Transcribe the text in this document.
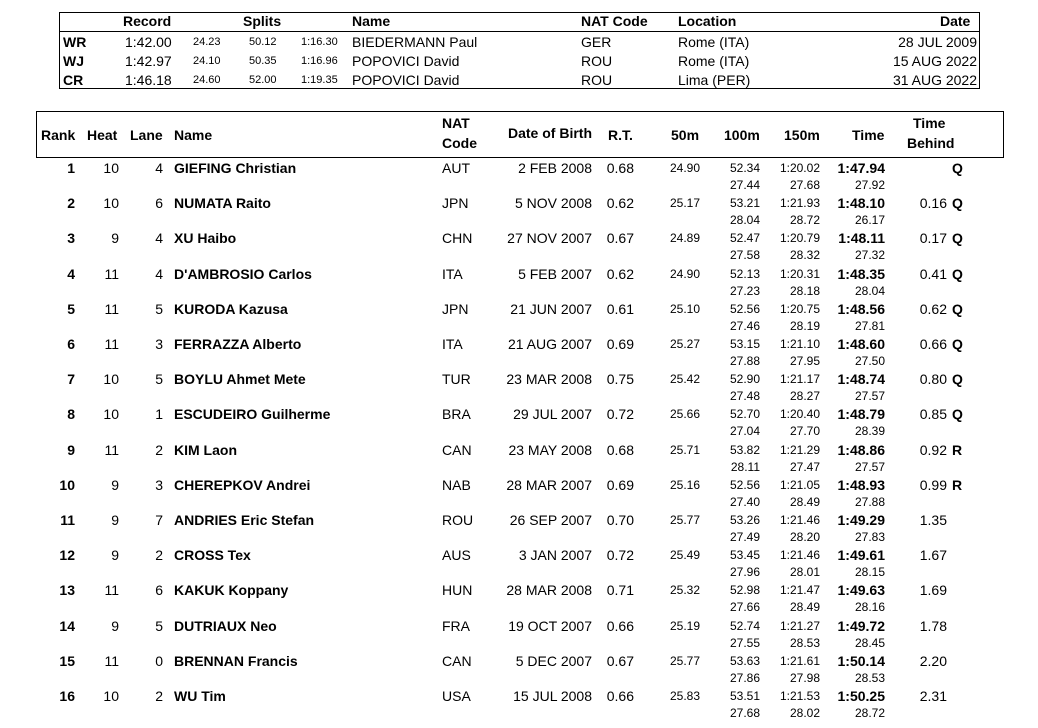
Record	Splits	Name	NAT Code Location	Date
WR	1:42.00 24.23	50.12 1:16.30 BIEDERMANN Paul	GER	Rome (ITA)	28 JUL 2009
WJ	1:42.97 24.10	50.35 1:16.96 POPOVICI David	ROU	Rome (ITA)	15 AUG 2022
CR	1:46.18 24.60	52.00 1:19.35 POPOVICI David	ROU	Lima (PER)	31 AUG 2022
Rank Heat Lane Name
NAT
Code
Date of Birth R.T.	50m 100m 150m Time
Time
Behind
1 10	4 GIEFING Christian	AUT	2 FEB 2008 0.68	24.90 52.34 1:20.02 1:47.94	Q
27.44 27.68	27.92
2 10	6 NUMATA Raito	JPN	5 NOV 2008 0.62	25.17 53.21 1:21.93 1:48.10 0.16 Q
28.04 28.72	26.17
3	9	4 XU Haibo	CHN 27 NOV 2007 0.67	24.89 52.47 1:20.79 1:48.11 0.17 Q
27.58 28.32	27.32
4 11	4 D'AMBROSIO Carlos	ITA	5 FEB 2007 0.62	24.90 52.13 1:20.31 1:48.35 0.41 Q
27.23 28.18	28.04
5 11	5 KURODA Kazusa	JPN	21 JUN 2007 0.61	25.10 52.56 1:20.75 1:48.56 0.62 Q
27.46 28.19	27.81
6 11	3 FERRAZZA Alberto	ITA	21 AUG 2007 0.69	25.27 53.15 1:21.10 1:48.60 0.66 Q
27.88 27.95	27.50
7 10	5 BOYLU Ahmet Mete	TUR	23 MAR 2008 0.75	25.42 52.90 1:21.17 1:48.74 0.80 Q
27.48 28.27	27.57
8 10	1 ESCUDEIRO Guilherme	BRA	29 JUL 2007 0.72	25.66 52.70 1:20.40 1:48.79 0.85 Q
27.04 27.70	28.39
9 11	2 KIM Laon	CAN	23 MAY 2008 0.68	25.71 53.82 1:21.29 1:48.86 0.92 R
28.11 27.47	27.57
10	9	3 CHEREPKOV Andrei	NAB	28 MAR 2007 0.69	25.16 52.56 1:21.05 1:48.93 0.99 R
27.40 28.49	27.88
11	9	7 ANDRIES Eric Stefan	ROU	26 SEP 2007 0.70	25.77 53.26 1:21.46 1:49.29 1.35
27.49 28.20	27.83
12	9	2 CROSS Tex	AUS	3 JAN 2007 0.72	25.49 53.45 1:21.46 1:49.61 1.67
27.96 28.01	28.15
13 11	6 KAKUK Koppany	HUN 28 MAR 2008 0.71	25.32 52.98 1:21.47 1:49.63 1.69
27.66 28.49	28.16
14	9	5 DUTRIAUX Neo	FRA	19 OCT 2007 0.66	25.19 52.74 1:21.27 1:49.72 1.78
27.55 28.53	28.45
15 11	0 BRENNAN Francis	CAN	5 DEC 2007 0.67	25.77 53.63 1:21.61 1:50.14 2.20
27.86 27.98	28.53
16 10	2 WU Tim	USA	15 JUL 2008 0.66	25.83 53.51 1:21.53 1:50.25 2.31
27.68 28.02	28.72
